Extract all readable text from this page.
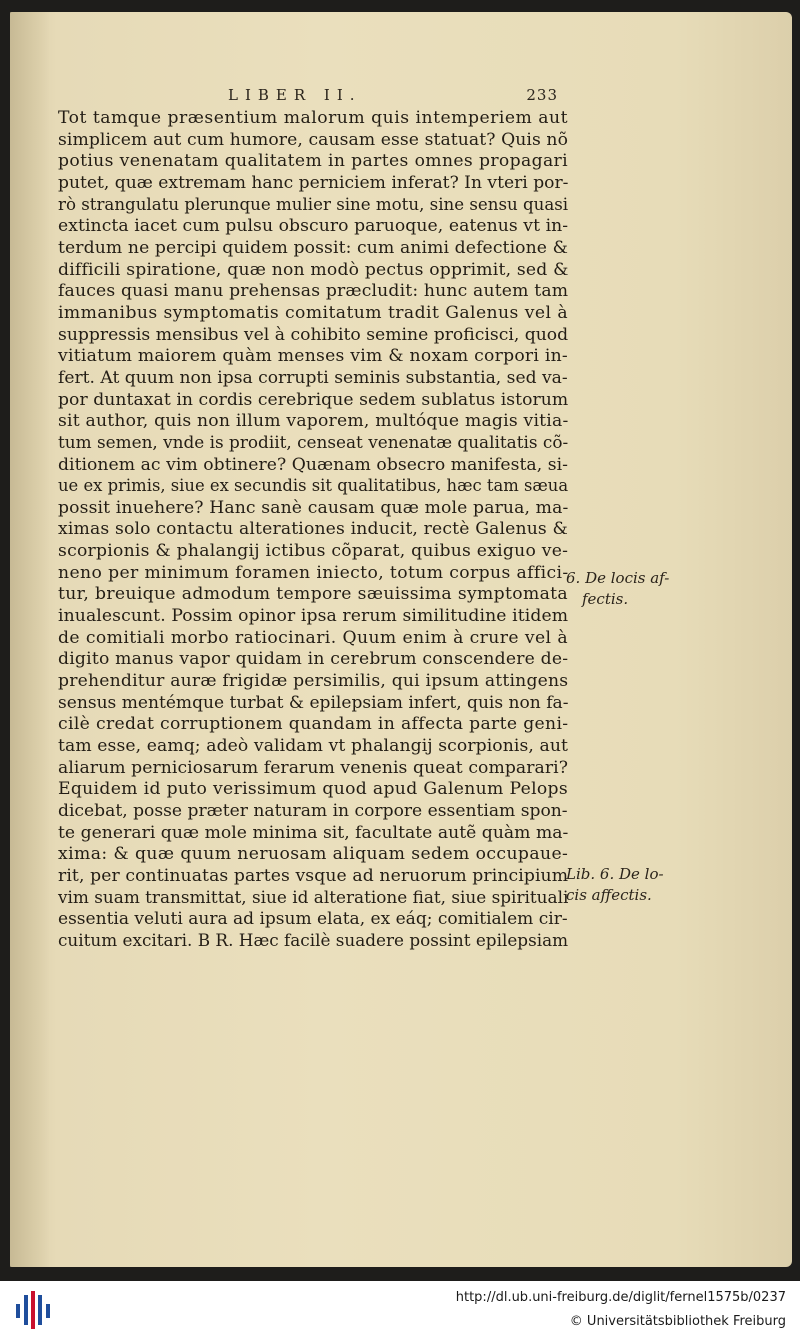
LIBER II.	233
Tot tamque præsentium malorum quis intemperiem aut
simplicem aut cum humore, causam esse statuat? Quis nõ
potius venenatam qualitatem in partes omnes propagari
putet, quæ extremam hanc perniciem inferat? In vteri por-
rò strangulatu plerunque mulier sine motu, sine sensu quasi
extincta iacet cum pulsu obscuro paruoque, eatenus vt in-
terdum ne percipi quidem possit: cum animi defectione &
difficili spiratione, quæ non modò pectus opprimit, sed &
fauces quasi manu prehensas præcludit: hunc autem tam
immanibus symptomatis comitatum tradit Galenus vel à
suppressis mensibus vel à cohibito semine proficisci, quod
vitiatum maiorem quàm menses vim & noxam corpori in-
fert. At quum non ipsa corrupti seminis substantia, sed va-
por duntaxat in cordis cerebrique sedem sublatus istorum
sit author, quis non illum vaporem, multóque magis vitia-
tum semen, vnde is prodiit, censeat venenatæ qualitatis cõ-
ditionem ac vim obtinere? Quænam obsecro manifesta, si-
ue ex primis, siue ex secundis sit qualitatibus, hæc tam sæua
possit inuehere? Hanc sanè causam quæ mole parua, ma-
ximas solo contactu alterationes inducit, rectè Galenus &
scorpionis & phalangij ictibus cõparat, quibus exiguo ve-
neno per minimum foramen iniecto, totum corpus affici-
tur, breuique admodum tempore sæuissima symptomata
inualescunt. Possim opinor ipsa rerum similitudine itidem
de comitiali morbo ratiocinari. Quum enim à crure vel à
digito manus vapor quidam in cerebrum conscendere de-
prehenditur auræ frigidæ persimilis, qui ipsum attingens
sensus mentémque turbat & epilepsiam infert, quis non fa-
cilè credat corruptionem quandam in affecta parte geni-
tam esse, eamq; adeò validam vt phalangij scorpionis, aut
aliarum perniciosarum ferarum venenis queat comparari?
Equidem id puto verissimum quod apud Galenum Pelops
dicebat, posse præter naturam in corpore essentiam spon-
te generari quæ mole minima sit, facultate autẽ quàm ma-
xima: & quæ quum neruosam aliquam sedem occupaue-
rit, per continuatas partes vsque ad neruorum principium
vim suam transmittat, siue id alteratione fiat, siue spirituali
essentia veluti aura ad ipsum elata, ex eáq; comitialem cir-
cuitum excitari. B R. Hæc facilè suadere possint epilepsiam
6. De locis af-
fectis.
Lib. 6. De lo-
cis affectis.
http://dl.ub.uni-freiburg.de/diglit/fernel1575b/0237
© Universitätsbibliothek Freiburg
